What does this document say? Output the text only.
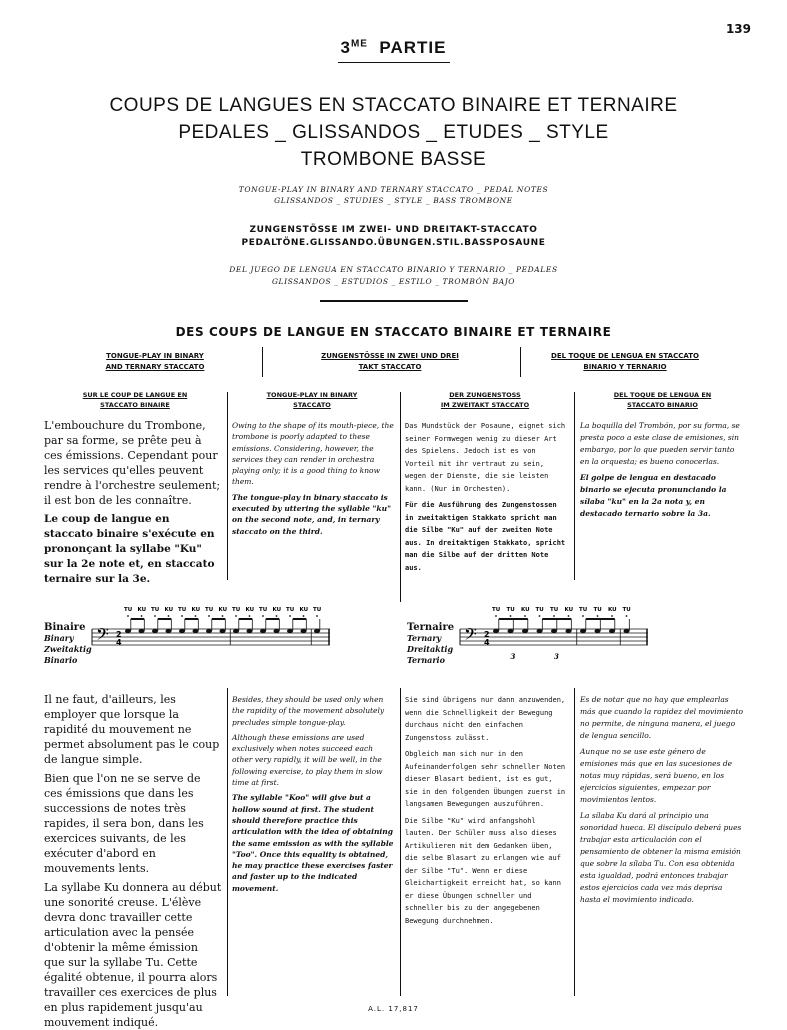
139
$3^{ME}$ PARTIE
COUPS DE LANGUES EN STACCATO BINAIRE ET TERNAIRE
PEDALES _ GLISSANDOS _ ETUDES _ STYLE
TROMBONE BASSE
TONGUE-PLAY IN BINARY AND TERNARY STACCATO _ PEDAL NOTES
GLISSANDOS _ STUDIES _ STYLE _ BASS TROMBONE
ZUNGENSTÖSSE IM ZWEI- UND DREITAKT-STACCATO
PEDALTÖNE.GLISSANDO.ÜBUNGEN.STIL.BASSPOSAUNE
DEL JUEGO DE LENGUA EN STACCATO BINARIO Y TERNARIO _ PEDALES
GLISSANDOS _ ESTUDIOS _ ESTILO _ TROMBÓN BAJO
DES COUPS DE LANGUE EN STACCATO BINAIRE ET TERNAIRE
TONGUE-PLAY IN BINARY
AND TERNARY STACCATO
ZUNGENSTÖSSE IN ZWEI UND DREI
TAKT STACCATO
DEL TOQUE DE LENGUA EN STACCATO
BINARIO Y TERNARIO
SUR LE COUP DE LANGUE EN
STACCATO BINAIRE
TONGUE-PLAY IN BINARY
STACCATO
DER ZUNGENSTOSS
IM ZWEITAKT STACCATO
DEL TOQUE DE LENGUA EN
STACCATO BINARIO

L'embouchure du Trombone, par sa forme, se prête peu à ces émissions. Cependant pour les services qu'elles peuvent rendre à l'orchestre seulement; il est bon de les connaître.

Le coup de langue en staccato binaire s'exécute en prononçant la syllabe "Ku" sur la 2e note et, en staccato ternaire sur la 3e.

Owing to the shape of its mouth-piece, the trombone is poorly adapted to these emissions. Considering, however, the services they can render in orchestra playing only; it is a good thing to know them.

The tongue-play in binary staccato is executed by uttering the syllable "ku" on the second note, and, in ternary staccato on the third.

Das Mundstück der Posaune, eignet sich seiner Formwegen wenig zu dieser Art des Spielens. Jedoch ist es von Vorteil mit ihr vertraut zu sein, wegen der Dienste, die sie leisten kann. (Nur im Orchesten).

Für die Ausführung des Zungenstossen in zweitaktigen Stakkato spricht man die Silbe "Ku" auf der zweiten Note aus. In dreitaktigen Stakkato, spricht man die Silbe auf der dritten Note aus.

La boquilla del Trombón, por su forma, se presta poco a este clase de emisiones, sin embargo, por lo que pueden servir tanto en la orquesta; es bueno conocerlas.

El golpe de lengua en destacado binario se ejecuta pronunciando la sílaba "ku" en la 2a nota y, en destacado ternario sobre la 3a.

Binaire
Binary
Zweitaktig
Binario
𝄢 2
4
TU KU TU KU TU KU TU KU TU KU TU KU TU KU TU
Ternaire
Ternary
Dreitaktig
Ternario
𝄢 2
4
TU TU KU TU TU KU TU TU KU TU
3	3

Il ne faut, d'ailleurs, les employer que lorsque la rapidité du mouvement ne permet absolument pas le coup de langue simple.

Bien que l'on ne se serve de ces émissions que dans les successions de notes très rapides, il sera bon, dans les exercices suivants, de les exécuter d'abord en mouvements lents.

La syllabe Ku donnera au début une sonorité creuse. L'élève devra donc travailler cette articulation avec la pensée d'obtenir la même émission que sur la syllabe Tu. Cette égalité obtenue, il pourra alors travailler ces exercices de plus en plus rapidement jusqu'au mouvement indiqué.

Besides, they should be used only when the rapidity of the movement absolutely precludes simple tongue-play.

Although these emissions are used exclusively when notes succeed each other very rapidly, it will be well, in the following exercise, to play them in slow time at first.

The syllable "Koo" will give but a hollow sound at first. The student should therefore practice this articulation with the idea of obtaining the same emission as with the syllable "Too". Once this equality is obtained, he may practice these exercises faster and faster up to the indicated movement.

Sie sind übrigens nur dann anzuwenden, wenn die Schnelligkeit der Bewegung durchaus nicht den einfachen Zungenstoss zulässt.

Obgleich man sich nur in den Aufeinanderfolgen sehr schneller Noten dieser Blasart bedient, ist es gut, sie in den folgenden Übungen zuerst in langsamen Bewegungen auszuführen.

Die Silbe "Ku" wird anfangshohl lauten. Der Schüler muss also dieses Artikulieren mit dem Gedanken üben, die selbe Blasart zu erlangen wie auf der Silbe "Tu". Wenn er diese Gleichartigkeit erreicht hat, so kann er diese Übungen schneller und schneller bis zu der angegebenen Bewegung durchnehmen.

Es de notar que no hay que emplearlas más que cuando la rapidez del movimiento no permite, de ninguna manera, el juego de lengua sencillo.

Aunque no se use este género de emisiones más que en las sucesiones de notas muy rápidas, será bueno, en los ejercicios siguientes, empezar por movimientos lentos.

La sílaba Ku dará al principio una sonoridad hueca. El discípulo deberá pues trabajar esta articulación con el pensamiento de obtener la misma emisión que sobre la sílaba Tu. Con esa obtenida esta igualdad, podrá entonces trabajar estos ejercicios cada vez más deprisa hasta el movimiento indicado.

A.L. 17,817
